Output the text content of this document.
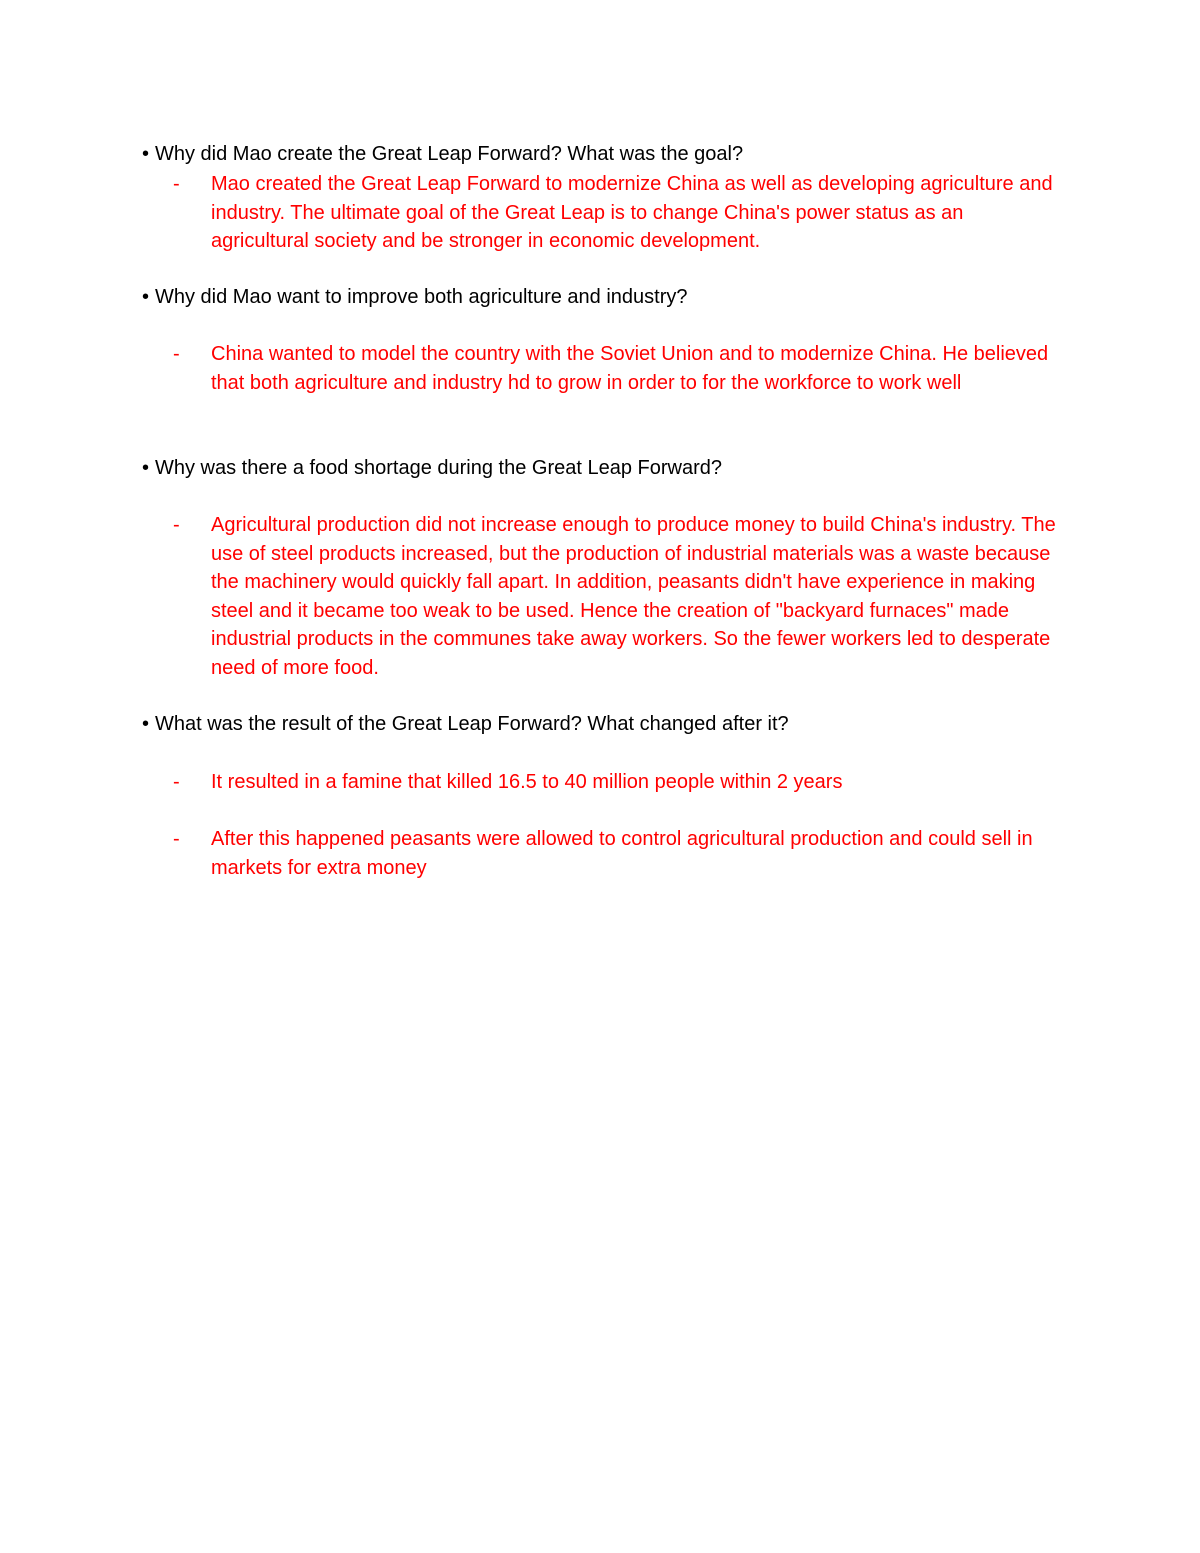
• Why did Mao create the Great Leap Forward? What was the goal?
-	Mao created the Great Leap Forward to modernize China as well as developing agriculture and industry. The ultimate goal of the Great Leap is to change China's power status as an agricultural society and be stronger in economic development.
• Why did Mao want to improve both agriculture and industry?
-	China wanted to model the country with the Soviet Union and to modernize China. He believed that both agriculture and industry hd to grow in order to for the workforce to work well
• Why was there a food shortage during the Great Leap Forward?
-	Agricultural production did not increase enough to produce money to build China's industry. The use of steel products increased, but the production of industrial materials was a waste because the machinery would quickly fall apart. In addition, peasants didn't have experience in making steel and it became too weak to be used. Hence the creation of "backyard furnaces" made industrial products in the communes take away workers. So the fewer workers led to desperate need of more food.
• What was the result of the Great Leap Forward? What changed after it?
-	It resulted in a famine that killed 16.5 to 40 million people within 2 years
-	After this happened peasants were allowed to control agricultural production and could sell in markets for extra money
